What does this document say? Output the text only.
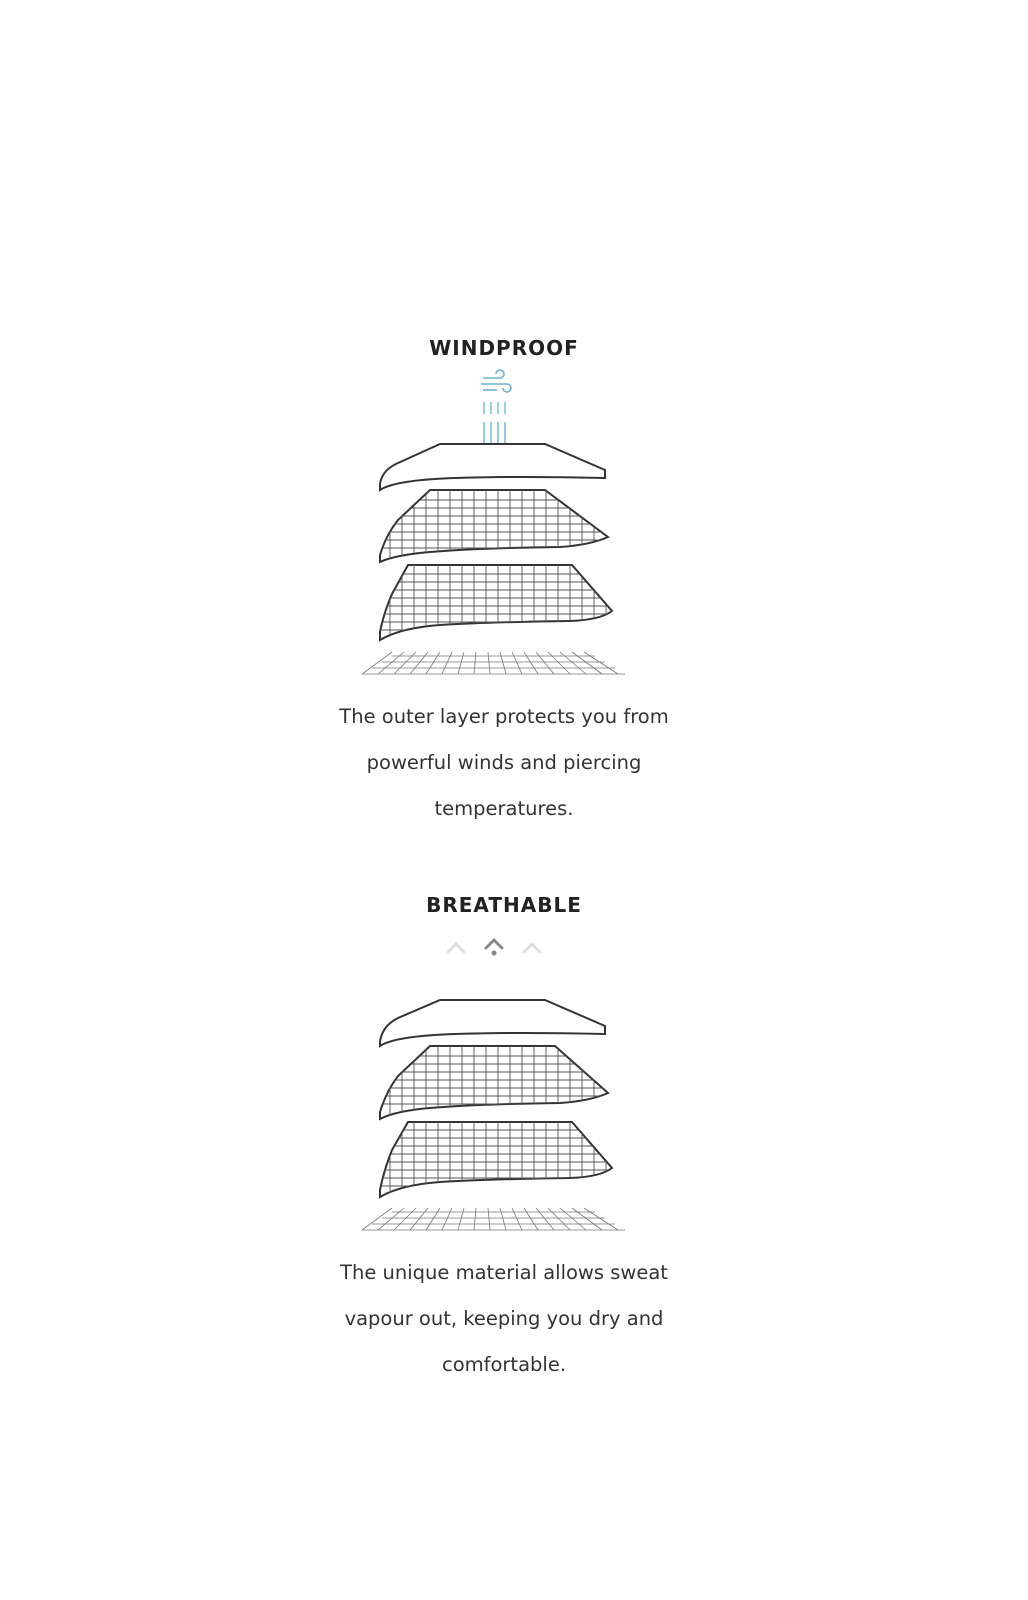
WINDPROOF
The outer layer protects you from
powerful winds and piercing
temperatures.
BREATHABLE
The unique material allows sweat
vapour out, keeping you dry and
comfortable.
